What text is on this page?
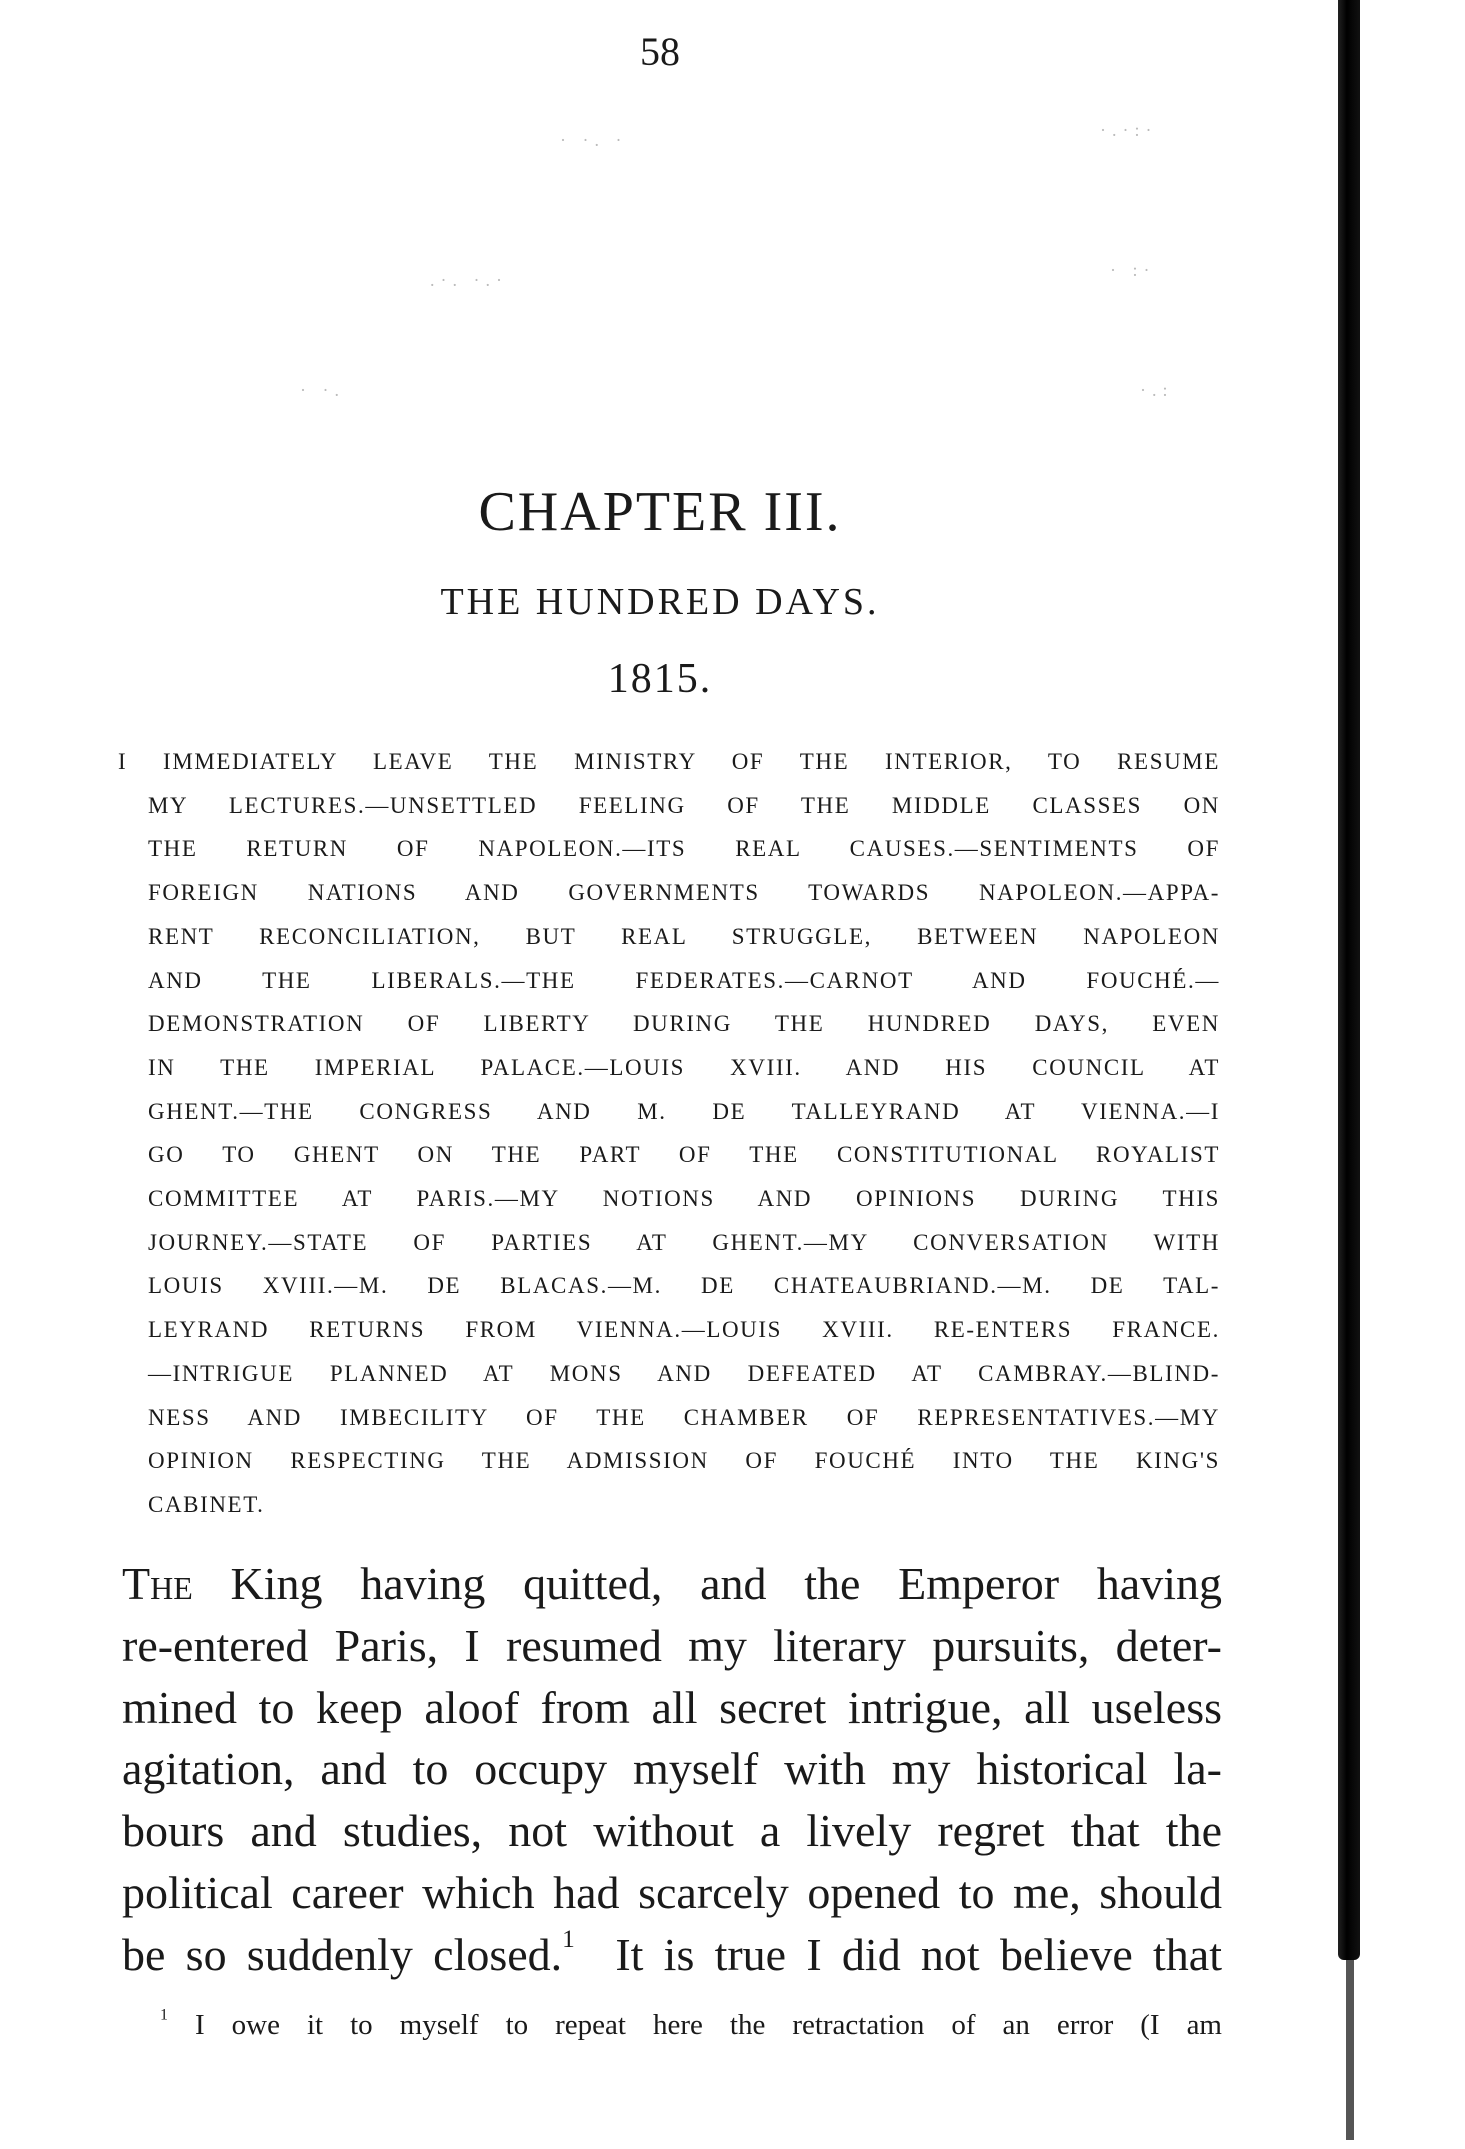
58
· ·. ·	·.·:·
.·. ·.·	· :·
· ·.	·.:
CHAPTER III.
THE HUNDRED DAYS.
1815.
I IMMEDIATELY LEAVE THE MINISTRY OF THE INTERIOR, TO RESUME
MY LECTURES.—UNSETTLED FEELING OF THE MIDDLE CLASSES ON
THE RETURN OF NAPOLEON.—ITS REAL CAUSES.—SENTIMENTS OF
FOREIGN NATIONS AND GOVERNMENTS TOWARDS NAPOLEON.—APPA-
RENT RECONCILIATION, BUT REAL STRUGGLE, BETWEEN NAPOLEON
AND THE LIBERALS.—THE FEDERATES.—CARNOT AND FOUCHÉ.—
DEMONSTRATION OF LIBERTY DURING THE HUNDRED DAYS, EVEN
IN THE IMPERIAL PALACE.—LOUIS XVIII. AND HIS COUNCIL AT
GHENT.—THE CONGRESS AND M. DE TALLEYRAND AT VIENNA.—I
GO TO GHENT ON THE PART OF THE CONSTITUTIONAL ROYALIST
COMMITTEE AT PARIS.—MY NOTIONS AND OPINIONS DURING THIS
JOURNEY.—STATE OF PARTIES AT GHENT.—MY CONVERSATION WITH
LOUIS XVIII.—M. DE BLACAS.—M. DE CHATEAUBRIAND.—M. DE TAL-
LEYRAND RETURNS FROM VIENNA.—LOUIS XVIII. RE-ENTERS FRANCE.
—INTRIGUE PLANNED AT MONS AND DEFEATED AT CAMBRAY.—BLIND-
NESS AND IMBECILITY OF THE CHAMBER OF REPRESENTATIVES.—MY
OPINION RESPECTING THE ADMISSION OF FOUCHÉ INTO THE KING'S
CABINET.
The King having quitted, and the Emperor having
re-entered Paris, I resumed my literary pursuits, deter-
mined to keep aloof from all secret intrigue, all useless
agitation, and to occupy myself with my historical la-
bours and studies, not without a lively regret that the
political career which had scarcely opened to me, should
be so suddenly closed.$^1$  It is true I did not believe that
$^1$ I owe it to myself to repeat here the retractation of an error (I am
